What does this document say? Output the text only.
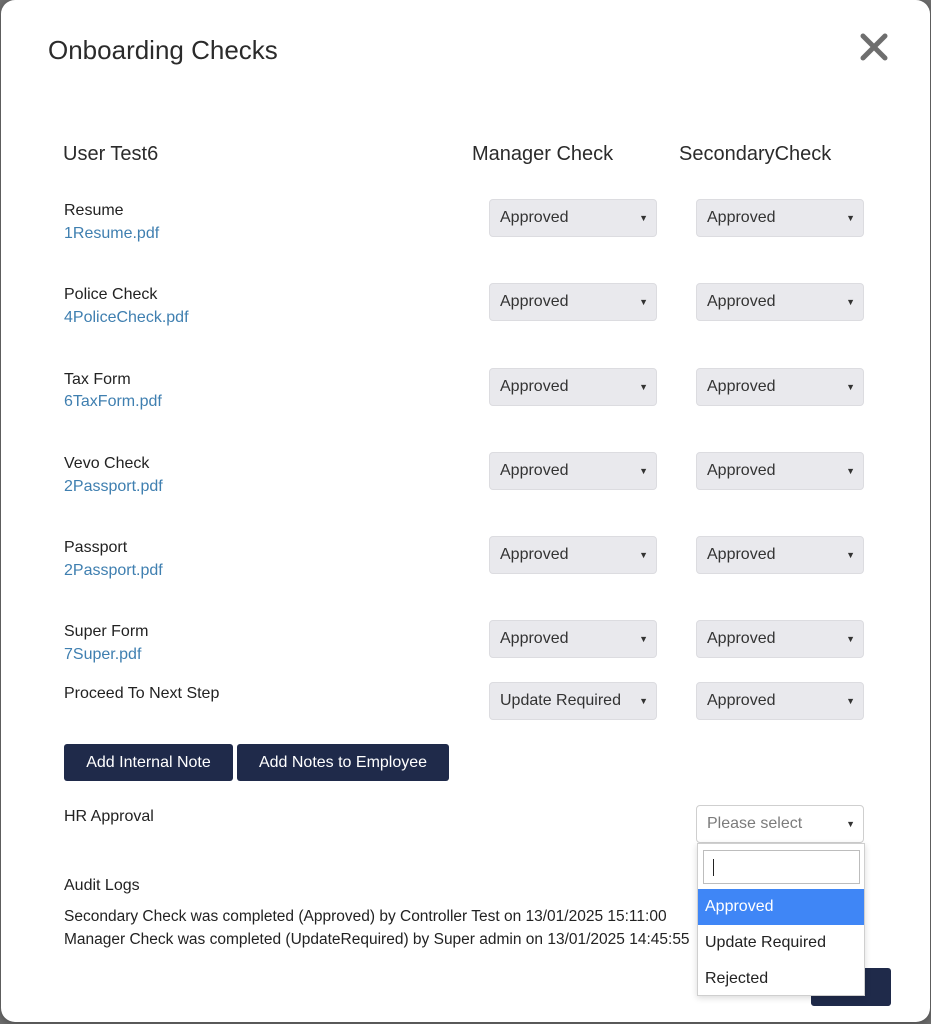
Onboarding Checks
User Test6	Manager Check	SecondaryCheck
Resume
1Resume.pdf
Approved	▼	Approved	▼
Police Check
4PoliceCheck.pdf
Approved	▼	Approved	▼
Tax Form
6TaxForm.pdf
Approved	▼	Approved	▼
Vevo Check
2Passport.pdf
Approved	▼	Approved	▼
Passport
2Passport.pdf
Approved	▼	Approved	▼
Super Form
7Super.pdf
Approved	▼	Approved	▼
Proceed To Next Step	Update Required ▼	Approved	▼
Add Internal Note	Add Notes to Employee
HR Approval	Please select	▼
Audit Logs
Secondary Check was completed (Approved) by Controller Test on 13/01/2025 15:11:00
Manager Check was completed (UpdateRequired) by Super admin on 13/01/2025 14:45:55
Approved
Update Required
Rejected
